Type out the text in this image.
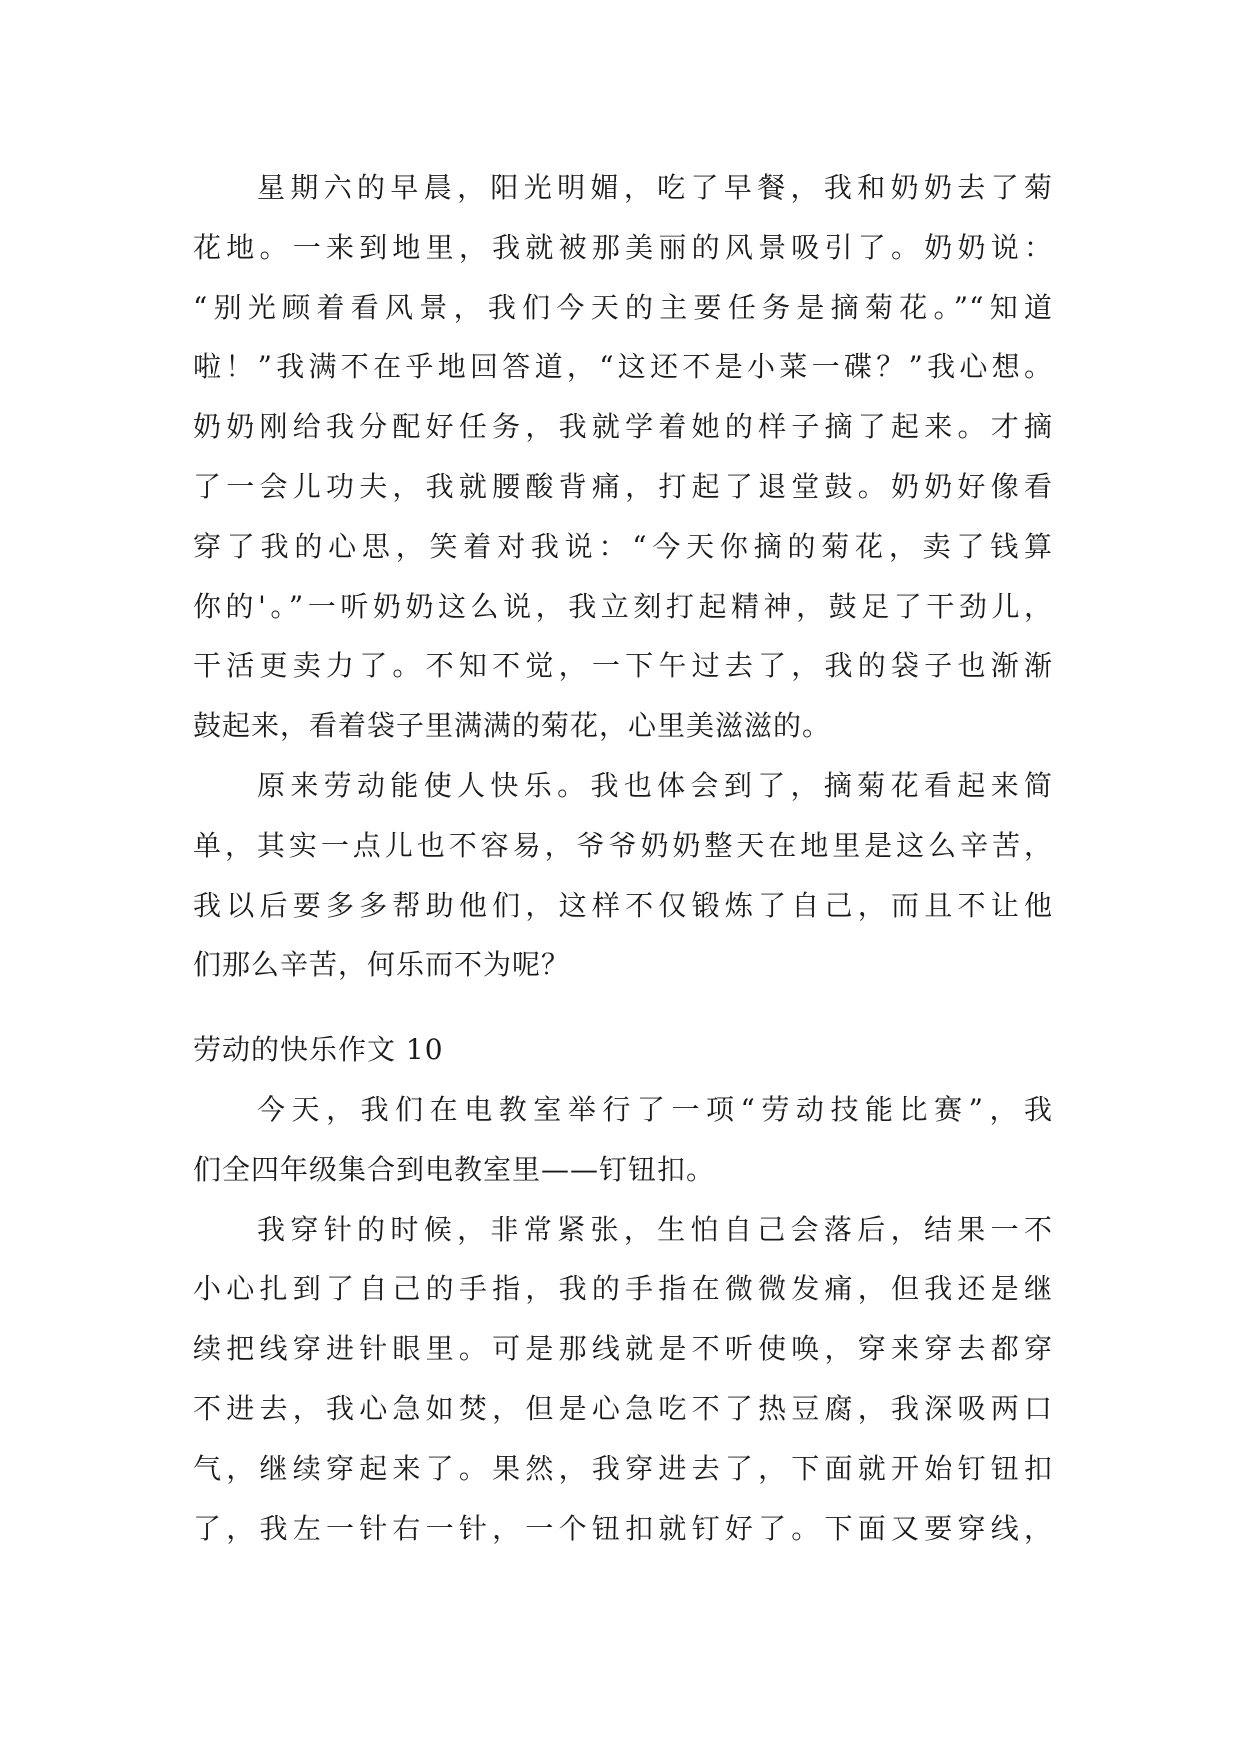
星期六的早晨，阳光明媚，吃了早餐，我和奶奶去了菊
花地。一来到地里，我就被那美丽的风景吸引了。奶奶说：
“别光顾着看风景，我们今天的主要任务是摘菊花。”“知道
啦！”我满不在乎地回答道，“这还不是小菜一碟？”我心想。
奶奶刚给我分配好任务，我就学着她的样子摘了起来。才摘
了一会儿功夫，我就腰酸背痛，打起了退堂鼓。奶奶好像看
穿了我的心思，笑着对我说：“今天你摘的菊花，卖了钱算
你的'。”一听奶奶这么说，我立刻打起精神，鼓足了干劲儿，
干活更卖力了。不知不觉，一下午过去了，我的袋子也渐渐
鼓起来，看着袋子里满满的菊花，心里美滋滋的。
原来劳动能使人快乐。我也体会到了，摘菊花看起来简
单，其实一点儿也不容易，爷爷奶奶整天在地里是这么辛苦，
我以后要多多帮助他们，这样不仅锻炼了自己，而且不让他
们那么辛苦，何乐而不为呢？
劳动的快乐作文 10
今天，我们在电教室举行了一项“劳动技能比赛”，我
们全四年级集合到电教室里——钉钮扣。
我穿针的时候，非常紧张，生怕自己会落后，结果一不
小心扎到了自己的手指，我的手指在微微发痛，但我还是继
续把线穿进针眼里。可是那线就是不听使唤，穿来穿去都穿
不进去，我心急如焚，但是心急吃不了热豆腐，我深吸两口
气，继续穿起来了。果然，我穿进去了，下面就开始钉钮扣
了，我左一针右一针，一个钮扣就钉好了。下面又要穿线，
